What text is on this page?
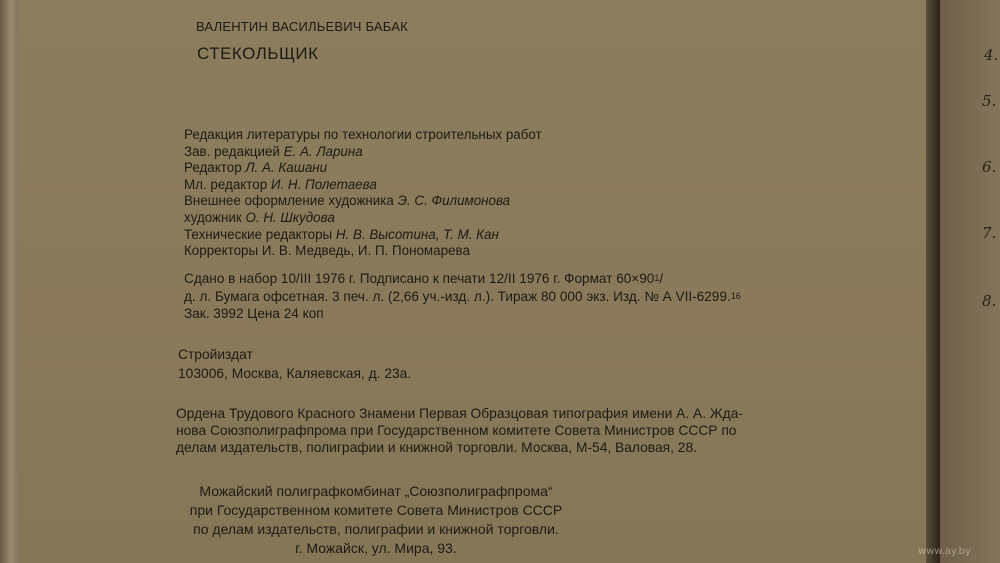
ВАЛЕНТИН ВАСИЛЬЕВИЧ БАБАК
СТЕКОЛЬЩИК
Редакция литературы по технологии строительных работ
Зав. редакцией Е. А. Ларина
Редактор Л. А. Кашани
Мл. редактор И. Н. Полетаева
Внешнее оформление художника Э. С. Филимонова
художник О. Н. Шкудова
Технические редакторы Н. В. Высотина, Т. М. Кан
Корректоры И. В. Медведь, И. П. Пономарева
Сдано в набор 10/III 1976 г. Подписано к печати 12/II 1976 г. Формат $60\times 90^1/$
д. л. Бумага офсетная. 3 печ. л. (2,66 уч.-изд. л.). Тираж 80 000 экз. Изд. № А VII-6299.16
Зак. 3992 Цена 24 коп
Стройиздат
103006, Москва, Каляевская, д. 23а.
Ордена Трудового Красного Знамени Первая Образцовая типография имени А. А. Жда-
нова Союзполиграфпрома при Государственном комитете Совета Министров СССР по
делам издательств, полиграфии и книжной торговли. Москва, М-54, Валовая, 28.
Можайский полиграфкомбинат „Союзполиграфпрома“
при Государственном комитете Совета Министров СССР
по делам издательств, полиграфии и книжной торговли.
г. Можайск, ул. Мира, 93.
4.
5.
6.
7.
8.
www.ay.by
